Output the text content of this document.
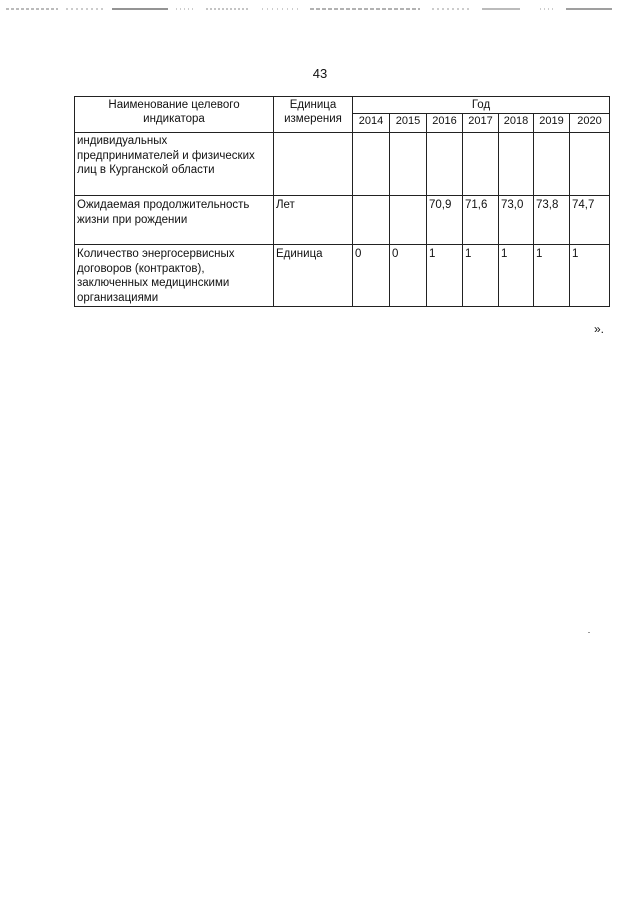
43
Наименование целевого индикатора	Единица измерения	Год						
		2014	2015	2016	2017	2018	2019	2020
индивидуальных предпринимателей и физических лиц в Курганской области								
Ожидаемая продолжительность жизни при рождении	Лет			70,9	71,6	73,0	73,8	74,7
Количество энергосервисных договоров (контрактов), заключенных медицинскими организациями	Единица	0	0	1	1	1	1	1
».
